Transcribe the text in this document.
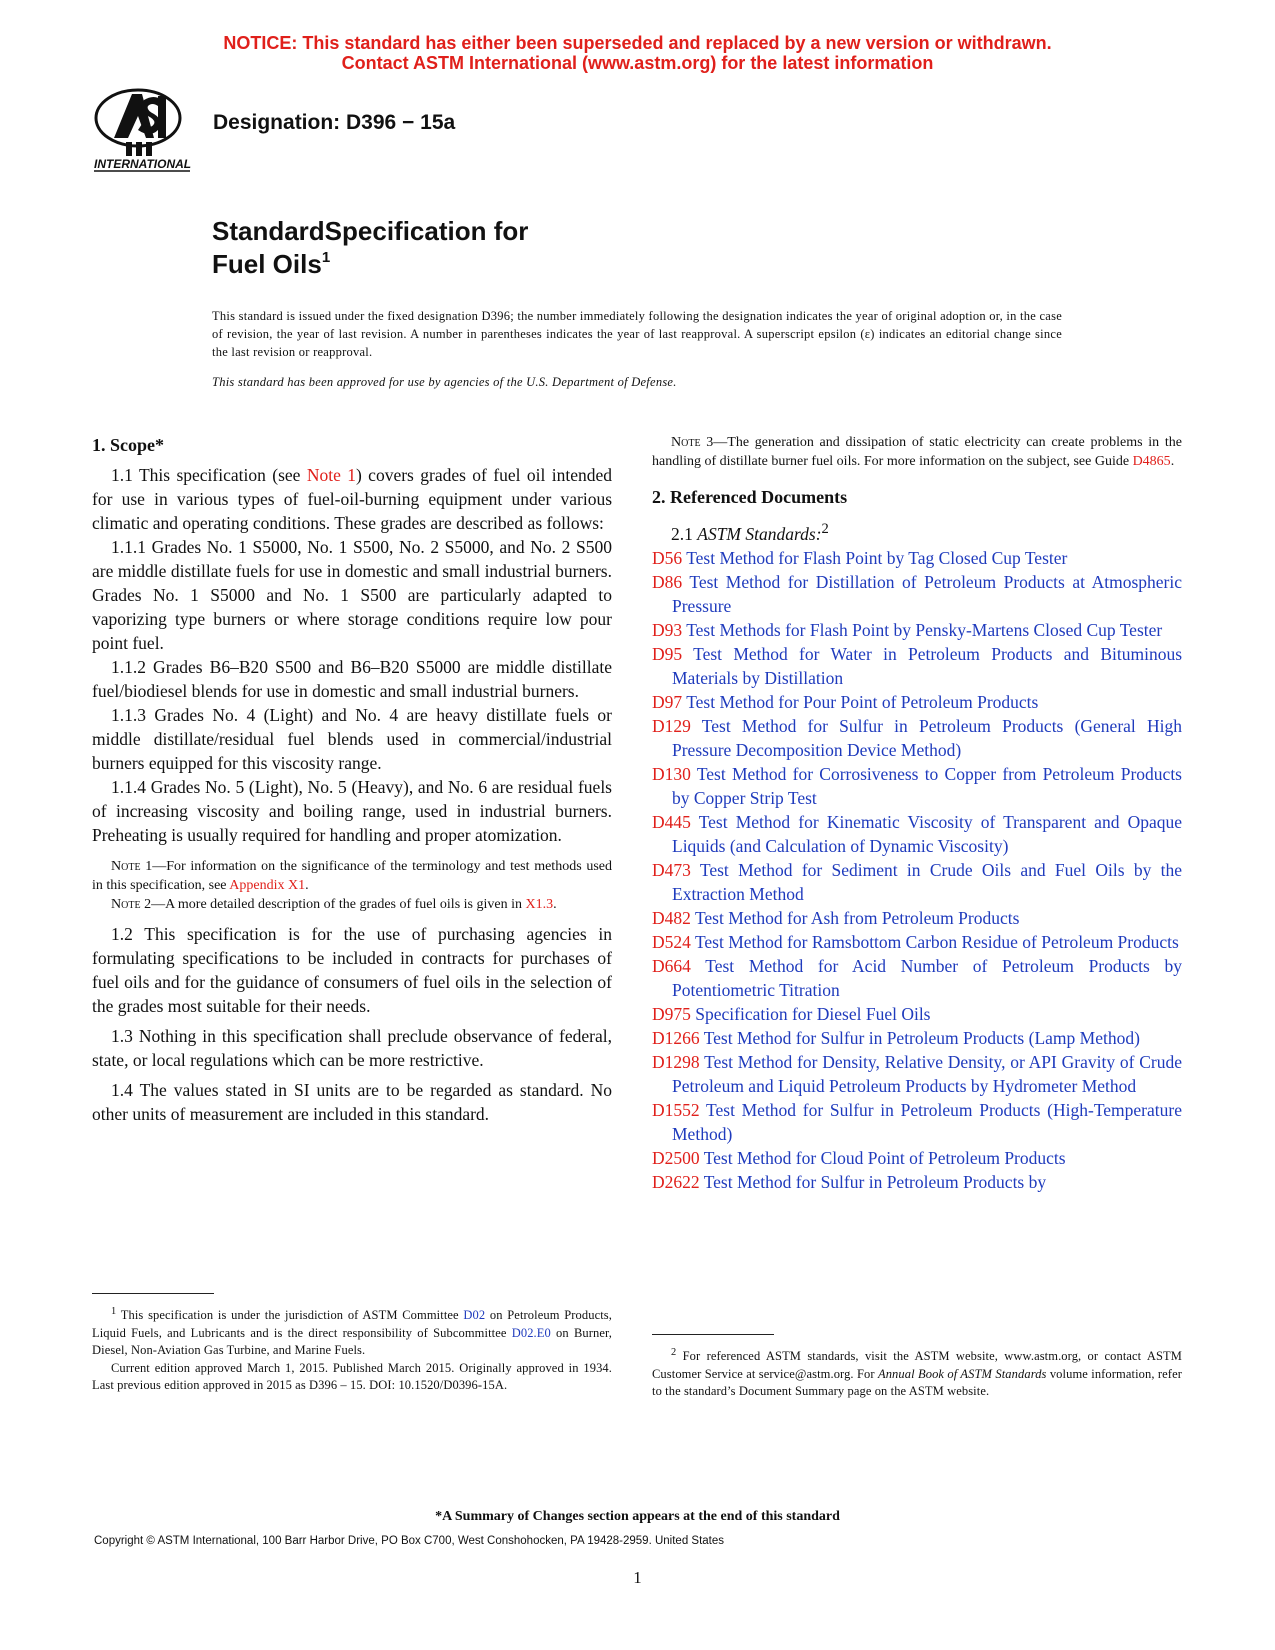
NOTICE: This standard has either been superseded and replaced by a new version or withdrawn.
Contact ASTM International (www.astm.org) for the latest information
INTERNATIONAL
Designation: D396 − 15a
StandardSpecification for
Fuel Oils$^1$
This standard is issued under the fixed designation D396; the number immediately following the designation indicates the year of original adoption or, in the case of revision, the year of last revision. A number in parentheses indicates the year of last reapproval. A superscript epsilon (ε) indicates an editorial change since the last revision or reapproval.
This standard has been approved for use by agencies of the U.S. Department of Defense.
1. Scope*

1.1 This specification (see Note 1) covers grades of fuel oil intended for use in various types of fuel-oil-burning equipment under various climatic and operating conditions. These grades are described as follows:

1.1.1 Grades No. 1 S5000, No. 1 S500, No. 2 S5000, and No. 2 S500 are middle distillate fuels for use in domestic and small industrial burners. Grades No. 1 S5000 and No. 1 S500 are particularly adapted to vaporizing type burners or where storage conditions require low pour point fuel.

1.1.2 Grades B6–B20 S500 and B6–B20 S5000 are middle distillate fuel/biodiesel blends for use in domestic and small industrial burners.

1.1.3 Grades No. 4 (Light) and No. 4 are heavy distillate fuels or middle distillate/residual fuel blends used in commercial/industrial burners equipped for this viscosity range.

1.1.4 Grades No. 5 (Light), No. 5 (Heavy), and No. 6 are residual fuels of increasing viscosity and boiling range, used in industrial burners. Preheating is usually required for handling and proper atomization.

Note 1—For information on the significance of the terminology and test methods used in this specification, see Appendix X1.

Note 2—A more detailed description of the grades of fuel oils is given in X1.3.

1.2 This specification is for the use of purchasing agencies in formulating specifications to be included in contracts for purchases of fuel oils and for the guidance of consumers of fuel oils in the selection of the grades most suitable for their needs.

1.3 Nothing in this specification shall preclude observance of federal, state, or local regulations which can be more restrictive.

1.4 The values stated in SI units are to be regarded as standard. No other units of measurement are included in this standard.

$^1$ This specification is under the jurisdiction of ASTM Committee D02 on Petroleum Products, Liquid Fuels, and Lubricants and is the direct responsibility of Subcommittee D02.E0 on Burner, Diesel, Non-Aviation Gas Turbine, and Marine Fuels.

Current edition approved March 1, 2015. Published March 2015. Originally approved in 1934. Last previous edition approved in 2015 as D396 – 15. DOI: 10.1520/D0396-15A.

Note 3—The generation and dissipation of static electricity can create problems in the handling of distillate burner fuel oils. For more information on the subject, see Guide D4865.

2. Referenced Documents

2.1 ASTM Standards:$^2$

D56 Test Method for Flash Point by Tag Closed Cup Tester

D86 Test Method for Distillation of Petroleum Products at Atmospheric Pressure

D93 Test Methods for Flash Point by Pensky-Martens Closed Cup Tester

D95 Test Method for Water in Petroleum Products and Bituminous Materials by Distillation

D97 Test Method for Pour Point of Petroleum Products

D129 Test Method for Sulfur in Petroleum Products (General High Pressure Decomposition Device Method)

D130 Test Method for Corrosiveness to Copper from Petroleum Products by Copper Strip Test

D445 Test Method for Kinematic Viscosity of Transparent and Opaque Liquids (and Calculation of Dynamic Viscosity)

D473 Test Method for Sediment in Crude Oils and Fuel Oils by the Extraction Method

D482 Test Method for Ash from Petroleum Products

D524 Test Method for Ramsbottom Carbon Residue of Petroleum Products

D664 Test Method for Acid Number of Petroleum Products by Potentiometric Titration

D975 Specification for Diesel Fuel Oils

D1266 Test Method for Sulfur in Petroleum Products (Lamp Method)

D1298 Test Method for Density, Relative Density, or API Gravity of Crude Petroleum and Liquid Petroleum Products by Hydrometer Method

D1552 Test Method for Sulfur in Petroleum Products (High-Temperature Method)

D2500 Test Method for Cloud Point of Petroleum Products

D2622 Test Method for Sulfur in Petroleum Products by

$^2$ For referenced ASTM standards, visit the ASTM website, www.astm.org, or contact ASTM Customer Service at service@astm.org. For Annual Book of ASTM Standards volume information, refer to the standard’s Document Summary page on the ASTM website.

*A Summary of Changes section appears at the end of this standard
Copyright © ASTM International, 100 Barr Harbor Drive, PO Box C700, West Conshohocken, PA 19428-2959. United States
1
